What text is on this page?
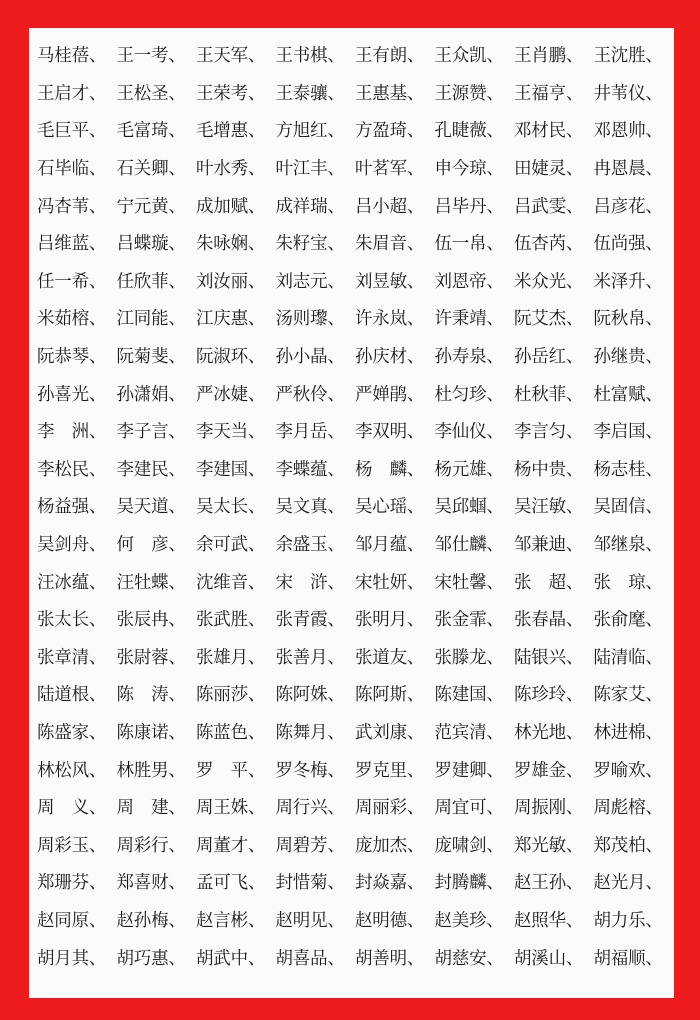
马桂蓓、	王一考、	王天军、	王书棋、	王有朗、	王众凯、	王肖鹏、	王沈胜、
王启才、	王松圣、	王荣考、	王泰骧、	王惠基、	王源赞、	王福亨、	井苇仪、
毛巨平、	毛富琦、	毛增惠、	方旭红、	方盈琦、	孔睫薇、	邓材民、	邓恩帅、
石毕临、	石关卿、	叶水秀、	叶江丰、	叶茗军、	申今琼、	田婕灵、	冉恩晨、
冯杏苇、	宁元黄、	成加赋、	成祥瑞、	吕小超、	吕毕丹、	吕武雯、	吕彦花、
吕维蓝、	吕蝶璇、	朱咏娴、	朱籽宝、	朱眉音、	伍一帛、	伍杏芮、	伍尚强、
任一希、	任欣菲、	刘汝丽、	刘志元、	刘昱敏、	刘恩帝、	米众光、	米泽升、
米茹榕、	江同能、	江庆惠、	汤则瓈、	许永岚、	许秉靖、	阮艾杰、	阮秋帛、
阮恭琴、	阮菊斐、	阮淑环、	孙小晶、	孙庆材、	孙寿泉、	孙岳红、	孙继贵、
孙喜光、	孙潇娟、	严冰婕、	严秋伶、	严婵鹃、	杜匀珍、	杜秋菲、	杜富赋、
李　洲、	李子言、	李天当、	李月岳、	李双明、	李仙仪、	李言匀、	李启国、
李松民、	李建民、	李建国、	李蝶蕴、	杨　麟、	杨元雄、	杨中贵、	杨志桂、
杨益强、	吴天道、	吴太长、	吴文真、	吴心瑶、	吴邱蝈、	吴汪敏、	吴固信、
吴剑舟、	何　彦、	余可武、	余盛玉、	邹月蕴、	邹仕麟、	邹兼迪、	邹继泉、
汪冰蕴、	汪牡蝶、	沈维音、	宋　浒、	宋牡妍、	宋牡馨、	张　超、	张　琼、
张太长、	张辰冉、	张武胜、	张青霞、	张明月、	张金霏、	张春晶、	张俞麾、
张章清、	张尉蓉、	张雄月、	张善月、	张道友、	张滕龙、	陆银兴、	陆清临、
陆道根、	陈　涛、	陈丽莎、	陈阿姝、	陈阿斯、	陈建国、	陈珍玲、	陈家艾、
陈盛家、	陈康诺、	陈蓝色、	陈舞月、	武刘康、	范宾清、	林光地、	林进棉、
林松风、	林胜男、	罗　平、	罗冬梅、	罗克里、	罗建卿、	罗雄金、	罗喻欢、
周　义、	周　建、	周王姝、	周行兴、	周丽彩、	周宜可、	周振刚、	周彪榕、
周彩玉、	周彩行、	周董才、	周碧芳、	庞加杰、	庞啸剑、	郑光敏、	郑茂柏、
郑珊芬、	郑喜财、	孟可飞、	封惜菊、	封焱嘉、	封腾麟、	赵王孙、	赵光月、
赵同原、	赵孙梅、	赵言彬、	赵明见、	赵明德、	赵美珍、	赵照华、	胡力乐、
胡月其、	胡巧惠、	胡武中、	胡喜品、	胡善明、	胡慈安、	胡溪山、	胡福顺、
